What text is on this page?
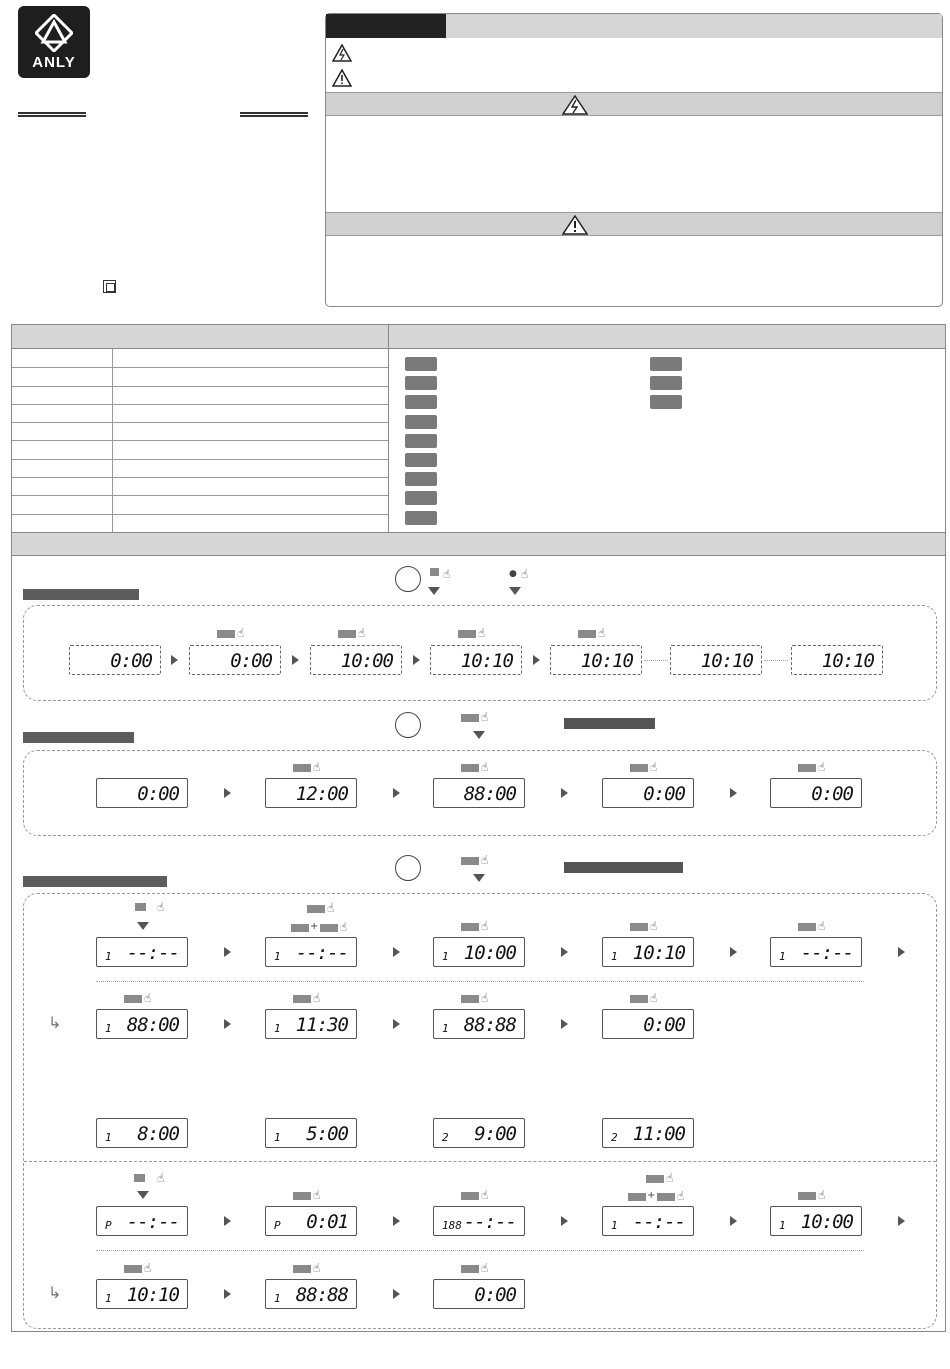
ANLY
☝	● ☝
0:00	0:00	10:00	10:10	10:10	10:10	10:10
☝	☝	☝	☝
☝
0:00	12:00	88:00	0:00	0:00
☝	☝	☝	☝
☝
☝	☝
+ ☝
1 --:--	1 --:--	1 10:00	1 10:10	1 --:--
☝	☝	☝
↳
☝	☝	☝	☝
1 88:00	1 11:30	1 88:88	0:00
1 8:00	1 5:00	2 9:00	2 11:00
☝
☝	☝
☝
+ ☝	☝
P --:--	P 0:01	188 --:--	1 --:--	1 10:00
↳
☝	☝	☝
1 10:10	1 88:88	0:00
